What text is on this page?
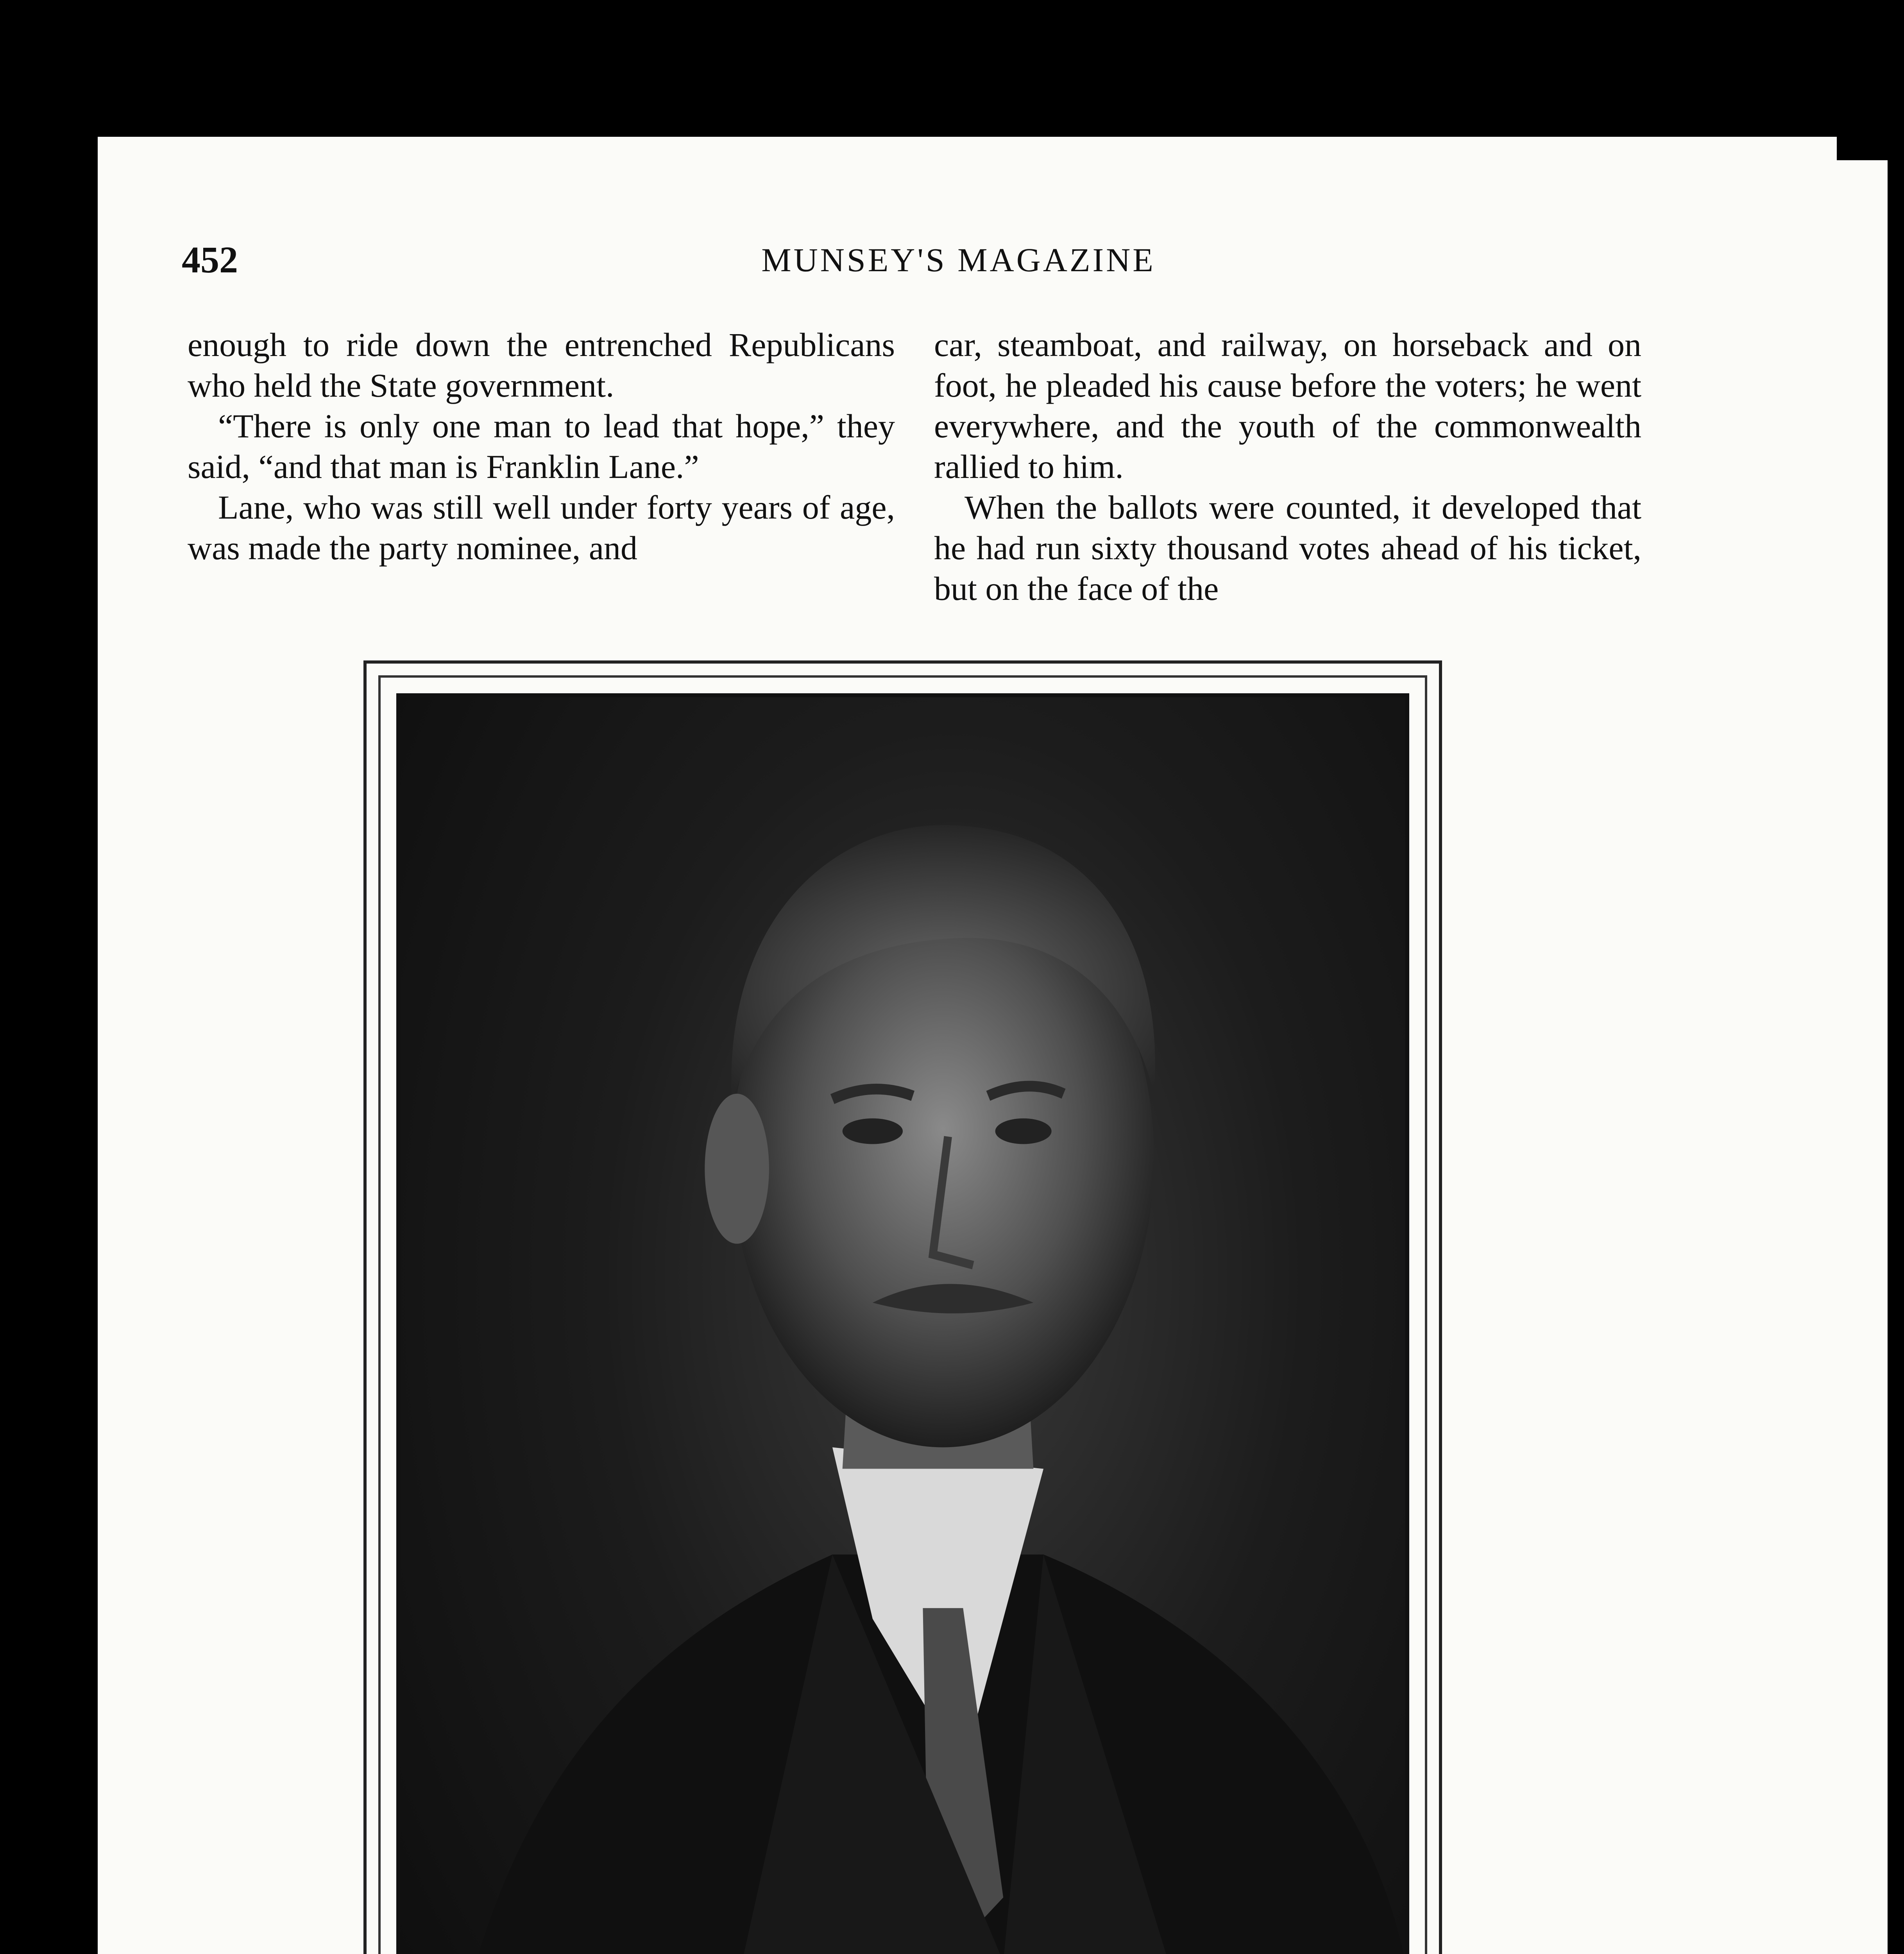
452	MUNSEY'S MAGAZINE

enough to ride down the entrenched Republicans who held the State government.

“There is only one man to lead that hope,” they said, “and that man is Franklin Lane.”

Lane, who was still well under forty years of age, was made the party nominee, and

car, steamboat, and railway, on horseback and on foot, he pleaded his cause before the voters; he went everywhere, and the youth of the commonwealth rallied to him.

When the ballots were counted, it developed that he had run sixty thousand votes ahead of his ticket, but on the face of the
